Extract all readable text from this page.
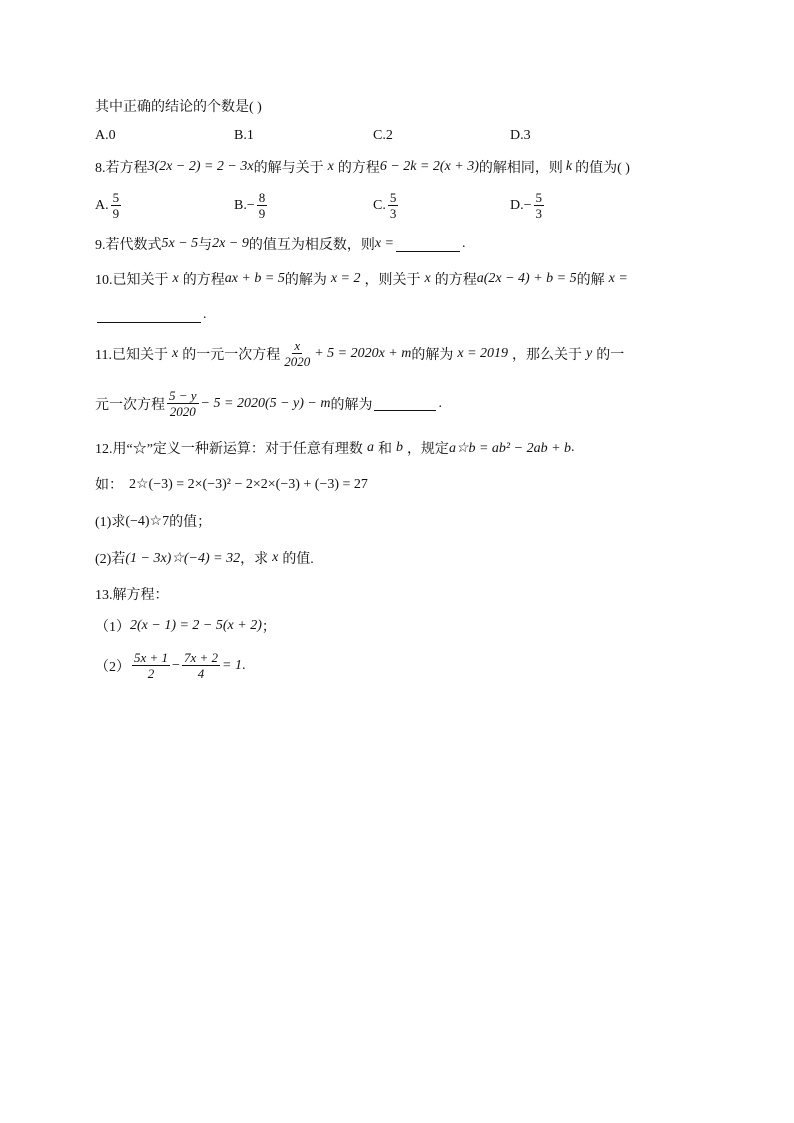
其中正确的结论的个数是( )
A.0	B.1	C.2	D.3
8.若方程 3(2x − 2) = 2 − 3x 的解与关于 x 的方程 6 − 2k = 2(x + 3) 的解相同，则 k 的值为( )
A. $\frac{5}{9}$	B. − $\frac{8}{9}$	C. $\frac{5}{3}$	D. − $\frac{5}{3}$
9.若代数式 5x − 5 与 2x − 9 的值互为相反数，则 x =	.
10.已知关于 x 的方程 ax + b = 5 的解为 x = 2 ，则关于 x 的方程 a(2x − 4) + b = 5 的解 x =
.
11.已知关于 x 的一元一次方程 $\frac{x}{2020} + 5 = 2020x + m$ 的解为 x = 2019 ，那么关于 y 的一
元一次方程 $\frac{5 - y}{2020} - 5 = 2020(5 - y) - m$ 的解为	.
12.用“☆”定义一种新运算：对于任意有理数 a 和 b ，规定 a☆b = ab² − 2ab + b .
如： 2☆(−3) = 2×(−3)² − 2×2×(−3) + (−3) = 27
(1)求 (−4)☆7 的值；
(2)若 (1 − 3x)☆(−4) = 32 ，求 x 的值.
13.解方程：
（1） 2(x − 1) = 2 − 5(x + 2) ；
$(2) \frac{5x + 1}{2} - \frac{7x + 2}{4} = 1$ .
